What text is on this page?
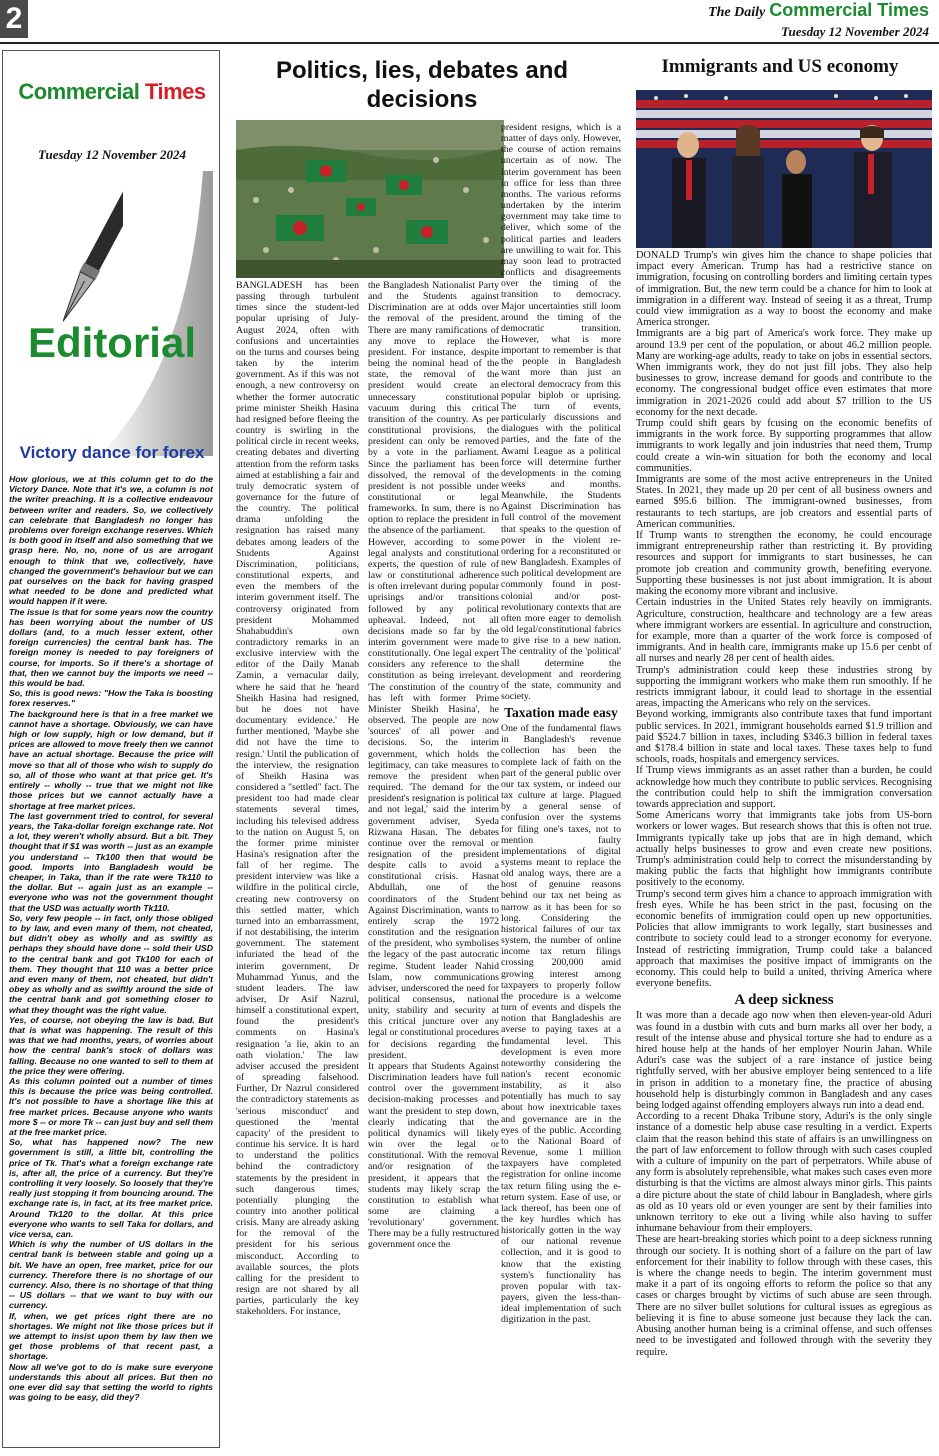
2	The Daily Commercial Times
Tuesday 12 November 2024
Commercial Times
Tuesday 12 November 2024
Editorial
Victory dance for forex

How glorious, we at this column get to do the Victory Dance. Note that it's we, a column is not the writer preaching. It is a collective endeavour between writer and readers. So, we collectively can celebrate that Bangladesh no longer has problems over foreign exchange reserves. Which is both good in itself and also something that we grasp here. No, no, none of us are arrogant enough to think that we, collectively, have changed the government's behaviour but we can pat ourselves on the back for having grasped what needed to be done and predicted what would happen if it were.

The issue is that for some years now the country has been worrying about the number of US dollars (and, to a much lesser extent, other foreign currencies) the central bank has. The foreign money is needed to pay foreigners of course, for imports. So if there's a shortage of that, then we cannot buy the imports we need -- this would be bad.

So, this is good news: "How the Taka is boosting forex reserves."

The background here is that in a free market we cannot have a shortage. Obviously, we can have high or low supply, high or low demand, but if prices are allowed to move freely then we cannot have an actual shortage. Because the price will move so that all of those who wish to supply do so, all of those who want at that price get. It's entirely -- wholly -- true that we might not like those prices but we cannot actually have a shortage at free market prices.

The last government tried to control, for several years, the Taka-dollar foreign exchange rate. Not a lot, they weren't wholly absurd. But a bit. They thought that if $1 was worth -- just as an example you understand -- Tk100 then that would be good. Imports into Bangladesh would be cheaper, in Taka, than if the rate were Tk110 to the dollar. But -- again just as an example -- everyone who was not the government thought that the USD was actually worth Tk110.

So, very few people -- in fact, only those obliged to by law, and even many of them, not cheated, but didn't obey as wholly and as swiftly as perhaps they should have done -- sold their USD to the central bank and got Tk100 for each of them. They thought that 110 was a better price and even many of them, not cheated, but didn't obey as wholly and as swiftly around the side of the central bank and got something closer to what they thought was the right value.

Yes, of course, not obeying the law is bad. But that is what was happening. The result of this was that we had months, years, of worries about how the central bank's stock of dollars was falling. Because no one wanted to sell to them at the price they were offering.

As this column pointed out a number of times this is because the price was being controlled. It's not possible to have a shortage like this at free market prices. Because anyone who wants more $ -- or more Tk -- can just buy and sell them at the free market price.

So, what has happened now? The new government is still, a little bit, controlling the price of Tk. That's what a foreign exchange rate is, after all, the price of a currency. But they're controlling it very loosely. So loosely that they're really just stopping it from bouncing around. The exchange rate is, in fact, at its free market price. Around Tk120 to the dollar. At this price everyone who wants to sell Taka for dollars, and vice versa, can.

Which is why the number of US dollars in the central bank is between stable and going up a bit. We have an open, free market, price for our currency. Therefore there is no shortage of our currency. Also, there is no shortage of that thing -- US dollars -- that we want to buy with our currency.

If, when, we get prices right there are no shortages. We might not like those prices but if we attempt to insist upon them by law then we get those problems of that recent past, a shortage.

Now all we've got to do is make sure everyone understands this about all prices. But then no one ever did say that setting the world to rights was going to be easy, did they?

Politics, lies, debates and decisions

BANGLADESH has been passing through turbulent times since the student-led popular uprising of July-August 2024, often with confusions and uncertainties on the turns and courses being taken by the interim government. As if this was not enough, a new controversy on whether the former autocratic prime minister Sheikh Hasina had resigned before fleeing the country is swirling in the political circle in recent weeks, creating debates and diverting attention from the reform tasks aimed at establishing a fair and truly democratic system of governance for the future of the country. The political drama unfolding the resignation has raised many debates among leaders of the Students Against Discrimination, politicians, constitutional experts, and even the members of the interim government itself. The controversy originated from president Mohammed Shahabuddin's own contradictory remarks in an exclusive interview with the editor of the Daily Manab Zamin, a vernacular daily, where he said that he 'heard Sheikh Hasina had resigned, but he does not have documentary evidence.' He further mentioned, 'Maybe she did not have the time to resign.' Until the publication of the interview, the resignation of Sheikh Hasina was considered a "settled" fact. The president too had made clear statements several times, including his televised address to the nation on August 5, on the former prime minister Hasina's resignation after the fall of her regime. The president interview was like a wildfire in the political circle, creating new controversy on this settled matter, which turned into an embarrassment, if not destabilising, the interim government. The statement infuriated the head of the interim government, Dr Muhammad Yunus, and the student leaders. The law adviser, Dr Asif Nazrul, himself a constitutional expert, found the president's comments on Hasina's resignation 'a lie, akin to an oath violation.' The law adviser accused the president of spreading falsehood. Further, Dr Nazrul considered the contradictory statements as 'serious misconduct' and questioned the 'mental capacity' of the president to continue his service. It is hard to understand the politics behind the contradictory statements by the president in such dangerous times, potentially plunging the country into another political crisis. Many are already asking for the removal of the president for his serious misconduct. According to available sources, the plots calling for the president to resign are not shared by all parties, particularly the key stakeholders. For instance,

the Bangladesh Nationalist Party and the Students against Discrimination are at odds over the removal of the president. There are many ramifications of any move to replace the president. For instance, despite being the nominal head of the state, the removal of the president would create an unnecessary constitutional vacuum during this critical transition of the country. As per constitutional provisions, the president can only be removed by a vote in the parliament. Since the parliament has been dissolved, the removal of the president is not possible under constitutional or legal frameworks. In sum, there is no option to replace the president in the absence of the parliament.

However, according to some legal analysts and constitutional experts, the question of rule of law or constitutional adherence is often irrelevant during popular uprisings and/or transitions followed by any political upheaval. Indeed, not all decisions made so far by the interim government were made constitutionally. One legal expert considers any reference to the constitution as being irrelevant. 'The constitution of the country has left with former Prime Minister Sheikh Hasina', he observed. The people are now 'sources' of all power and decisions. So, the interim government, which holds the legitimacy, can take measures to remove the president when required. 'The demand for the president's resignation is political and not legal,' said the interim government adviser, Syeda Rizwana Hasan. The debates continue over the removal or resignation of the president despite calls to avoid a constitutional crisis. Hasnat Abdullah, one of the coordinators of the Student Against Discrimination, wants to entirely scrap the 1972 constitution and the resignation of the president, who symbolises the legacy of the past autocratic regime. Student leader Nahid Islam, now communications adviser, underscored the need for political consensus, national unity, stability and security at this critical juncture over any legal or constitutional procedures for decisions regarding the president.

It appears that Students Against Discrimination leaders have full control over the government decision-making processes and want the president to step down, clearly indicating that the political dynamics will likely win over the legal or constitutional. With the removal and/or resignation of the president, it appears that the students may likely scrap the constitution to establish what some are claiming a 'revolutionary' government. There may be a fully restructured government once the

president resigns, which is a matter of days only. However, the course of action remains uncertain as of now. The interim government has been in office for less than three months. The various reforms undertaken by the interim government may take time to deliver, which some of the political parties and leaders are unwilling to wait for. This may soon lead to protracted conflicts and disagreements over the timing of the transition to democracy. Major uncertainties still loom around the timing of the democratic transition. However, what is more important to remember is that the people in Bangladesh want more than just an electoral democracy from this popular biplob or uprising. The turn of events, particularly discussions and dialogues with the political parties, and the fate of the Awami League as a political force will determine further developments in the coming weeks and months. Meanwhile, the Students Against Discrimination has full control of the movement that speaks to the question of power in the violent re-ordering for a reconstituted or new Bangladesh. Examples of such political development are commonly found in post-colonial and/or post-revolutionary contexts that are often more eager to demolish old legal/constitutional fabrics to give rise to a new nation. The centrality of the 'political' shall determine the development and reordering of the state, community and society.

Taxation made easy

One of the fundamental flaws in Bangladesh's revenue collection has been the complete lack of faith on the part of the general public over our tax system, or indeed our tax culture at large. Plagued by a general sense of confusion over the systems for filing one's taxes, not to mention faulty implementations of digital systems meant to replace the old analog ways, there are a host of genuine reasons behind our tax net being as narrow as it has been for so long. Considering the historical failures of our tax system, the number of online income tax return filings crossing 200,000 amid growing interest among taxpayers to properly follow the procedure is a welcome turn of events and dispels the notion that Bangladeshis are averse to paying taxes at a fundamental level. This development is even more noteworthy considering the nation's recent economic instability, as it also potentially has much to say about how inextricable taxes and governance are in the eyes of the public. According to the National Board of Revenue, some 1 million taxpayers have completed registration for online income tax return filing using the e-return system. Ease of use, or lack thereof, has been one of the key hurdles which has historically gotten in the way of our national revenue collection, and it is good to know that the existing system's functionality has proven popular with tax-payers, given the less-than-ideal implementation of such digitization in the past.

Immigrants and US economy

DONALD Trump's win gives him the chance to shape policies that impact every American. Trump has had a restrictive stance on immigration, focusing on controlling borders and limiting certain types of immigration. But, the new term could be a chance for him to look at immigration in a different way. Instead of seeing it as a threat, Trump could view immigration as a way to boost the economy and make America stronger.

Immigrants are a big part of America's work force. They make up around 13.9 per cent of the population, or about 46.2 million people. Many are working-age adults, ready to take on jobs in essential sectors. When immigrants work, they do not just fill jobs. They also help businesses to grow, increase demand for goods and contribute to the economy. The congressional budget office even estimates that more immigration in 2021-2026 could add about $7 trillion to the US economy for the next decade.

Trump could shift gears by fcusing on the economic benefits of immigrants in the work force. By supporting programmes that allow immigrants to work legally and join industries that need them, Trump could create a win-win situation for both the economy and local communities.

Immigrants are some of the most active entrepreneurs in the United States. In 2021, they made up 20 per cent of all business owners and earned $95.6 billion. The immigrant-owned businesses, from restaurants to tech startups, are job creators and essential parts of American communities.

If Trump wants to strengthen the economy, he could encourage immigrant entrepreneurship rather than restricting it. By providing resources and support for immigrants to start businesses, he can promote job creation and community growth, benefiting everyone. Supporting these businesses is not just about immigration. It is about making the economy more vibrant and inclusive.

Certain industries in the United States rely heavily on immigrants. Agriculture, construction, healthcare and technology are a few areas where immigrant workers are essential. In agriculture and construction, for example, more than a quarter of the work force is composed of immigrants. And in health care, immigrants make up 15.6 per cenbt of all nurses and nearly 28 per cent of health aides.

Trump's administration could keep these industries strong by supporting the immigrant workers who make them run smoothly. If he restricts immigrant labour, it could lead to shortage in the essential areas, impacting the Americans who rely on the services.

Beyond working, immigrants also contribute taxes that fund important public services. In 2021, immigrant households earned $1.9 trillion and paid $524.7 billion in taxes, including $346.3 billion in federal taxes and $178.4 billion in state and local taxes. These taxes help to fund schools, roads, hospitals and emergency services.

If Trump views immigrants as an asset rather than a burden, he could acknowledge how much they contribute to public services. Recognising the contribution could help to shift the immigration conversation towards appreciation and support.

Some Americans worry that immigrants take jobs from US-born workers or lower wages. But research shows that this is often not true. Immigrants typically take up jobs that are in high demand, which actually helps businesses to grow and even create new positions. Trump's administration could help to correct the misunderstanding by making public the facts that highlight how immigrants contribute positively to the economy.

Trump's second term gives him a chance to approach immigration with fresh eyes. While he has been strict in the past, focusing on the economic benefits of immigration could open up new opportunities. Policies that allow immigrants to work legally, start businesses and contribute to society could lead to a stronger economy for everyone. Instead of restricting immigration, Trump could take a balanced approach that maximises the positive impact of immigrants on the economy. This could help to build a united, thriving America where everyone benefits.

A deep sickness

It was more than a decade ago now when then eleven-year-old Aduri was found in a dustbin with cuts and burn marks all over her body, a result of the intense abuse and physical torture she had to endure as a hired house help at the hands of her employer Nourin Jahan. While Aduri's case was the subject of a rare instance of justice being rightfully served, with her abusive employer being sentenced to a life in prison in addition to a monetary fine, the practice of abusing household help is disturbingly common in Bangladesh and any cases being lodged against offending employers always run into a dead end.

According to a recent Dhaka Tribune story, Aduri's is the only single instance of a domestic help abuse case resulting in a verdict. Experts claim that the reason behind this state of affairs is an unwillingness on the part of law enforcement to follow through with such cases coupled with a culture of impunity on the part of perpetrators. While abuse of any form is absolutely reprehensible, what makes such cases even more disturbing is that the victims are almost always minor girls. This paints a dire picture about the state of child labour in Bangladesh, where girls as old as 10 years old or even younger are sent by their families into unknown territory to eke out a living while also having to suffer inhumane behaviour from their employers.

These are heart-breaking stories which point to a deep sickness running through our society. It is nothing short of a failure on the part of law enforcement for their inability to follow through with these cases, this is where the change needs to begin. The interim government must make it a part of its ongoing efforts to reform the police so that any cases or charges brought by victims of such abuse are seen through. There are no silver bullet solutions for cultural issues as egregious as believing it is fine to abuse someone just because they lack the can. Abusing another human being is a criminal offense, and such offenses need to be investigated and followed through with the severity they require.
